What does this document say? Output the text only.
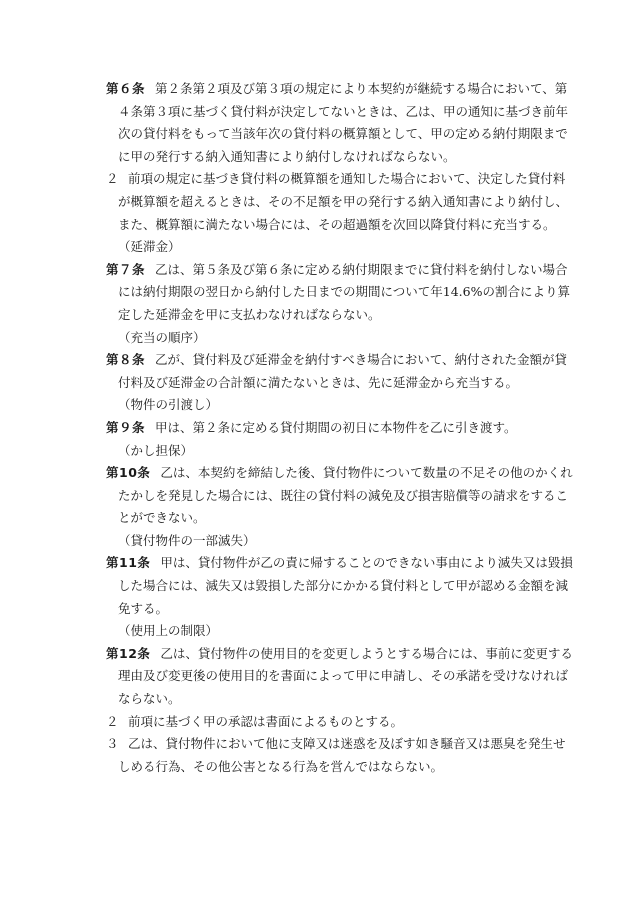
第６条 第２条第２項及び第３項の規定により本契約が継続する場合において、第４条第３項に基づく貸付料が決定してないときは、乙は、甲の通知に基づき前年次の貸付料をもって当該年次の貸付料の概算額として、甲の定める納付期限までに甲の発行する納入通知書により納付しなければならない。
２ 前項の規定に基づき貸付料の概算額を通知した場合において、決定した貸付料が概算額を超えるときは、その不足額を甲の発行する納入通知書により納付し、また、概算額に満たない場合には、その超過額を次回以降貸付料に充当する。
（延滞金）
第７条 乙は、第５条及び第６条に定める納付期限までに貸付料を納付しない場合には納付期限の翌日から納付した日までの期間について年14.6%の割合により算定した延滞金を甲に支払わなければならない。
（充当の順序）
第８条 乙が、貸付料及び延滞金を納付すべき場合において、納付された金額が貸付料及び延滞金の合計額に満たないときは、先に延滞金から充当する。
（物件の引渡し）
第９条 甲は、第２条に定める貸付期間の初日に本物件を乙に引き渡す。
（かし担保）
第10条 乙は、本契約を締結した後、貸付物件について数量の不足その他のかくれたかしを発見した場合には、既往の貸付料の減免及び損害賠償等の請求をすることができない。
（貸付物件の一部滅失）
第11条 甲は、貸付物件が乙の責に帰することのできない事由により滅失又は毀損した場合には、滅失又は毀損した部分にかかる貸付料として甲が認める金額を減免する。
（使用上の制限）
第12条 乙は、貸付物件の使用目的を変更しようとする場合には、事前に変更する理由及び変更後の使用目的を書面によって甲に申請し、その承諾を受けなければならない。
２ 前項に基づく甲の承認は書面によるものとする。
３ 乙は、貸付物件において他に支障又は迷惑を及ぼす如き騒音又は悪臭を発生せしめる行為、その他公害となる行為を営んではならない。
